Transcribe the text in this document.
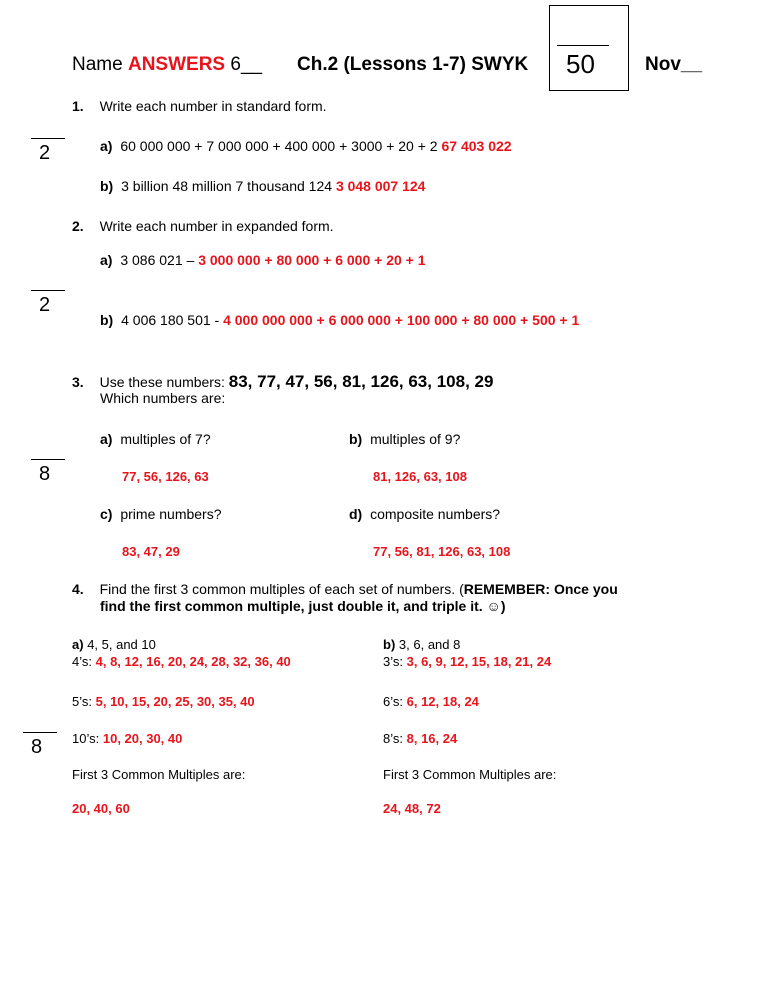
Name ANSWERS 6__ Ch.2 (Lessons 1-7) SWYK 50	Nov__
2
2
8
8
1. Write each number in standard form.
a) 60 000 000 + 7 000 000 + 400 000 + 3000 + 20 + 2 67 403 022
b) 3 billion 48 million 7 thousand 124 3 048 007 124
2. Write each number in expanded form.
a) 3 086 021 – 3 000 000 + 80 000 + 6 000 + 20 + 1
b) 4 006 180 501 - 4 000 000 000 + 6 000 000 + 100 000 + 80 000 + 500 + 1
3. Use these numbers: 83, 77, 47, 56, 81, 126, 63, 108, 29
Which numbers are:
a) multiples of 7?
77, 56, 126, 63
b) multiples of 9?
81, 126, 63, 108
c) prime numbers?
83, 47, 29
d) composite numbers?
77, 56, 81, 126, 63, 108
4. Find the first 3 common multiples of each set of numbers. (REMEMBER: Once you
find the first common multiple, just double it, and triple it. ☺)
a) 4, 5, and 10
4’s: 4, 8, 12, 16, 20, 24, 28, 32, 36, 40
5’s: 5, 10, 15, 20, 25, 30, 35, 40
10’s: 10, 20, 30, 40
First 3 Common Multiples are:
20, 40, 60
b) 3, 6, and 8
3’s: 3, 6, 9, 12, 15, 18, 21, 24
6’s: 6, 12, 18, 24
8’s: 8, 16, 24
First 3 Common Multiples are:
24, 48, 72
